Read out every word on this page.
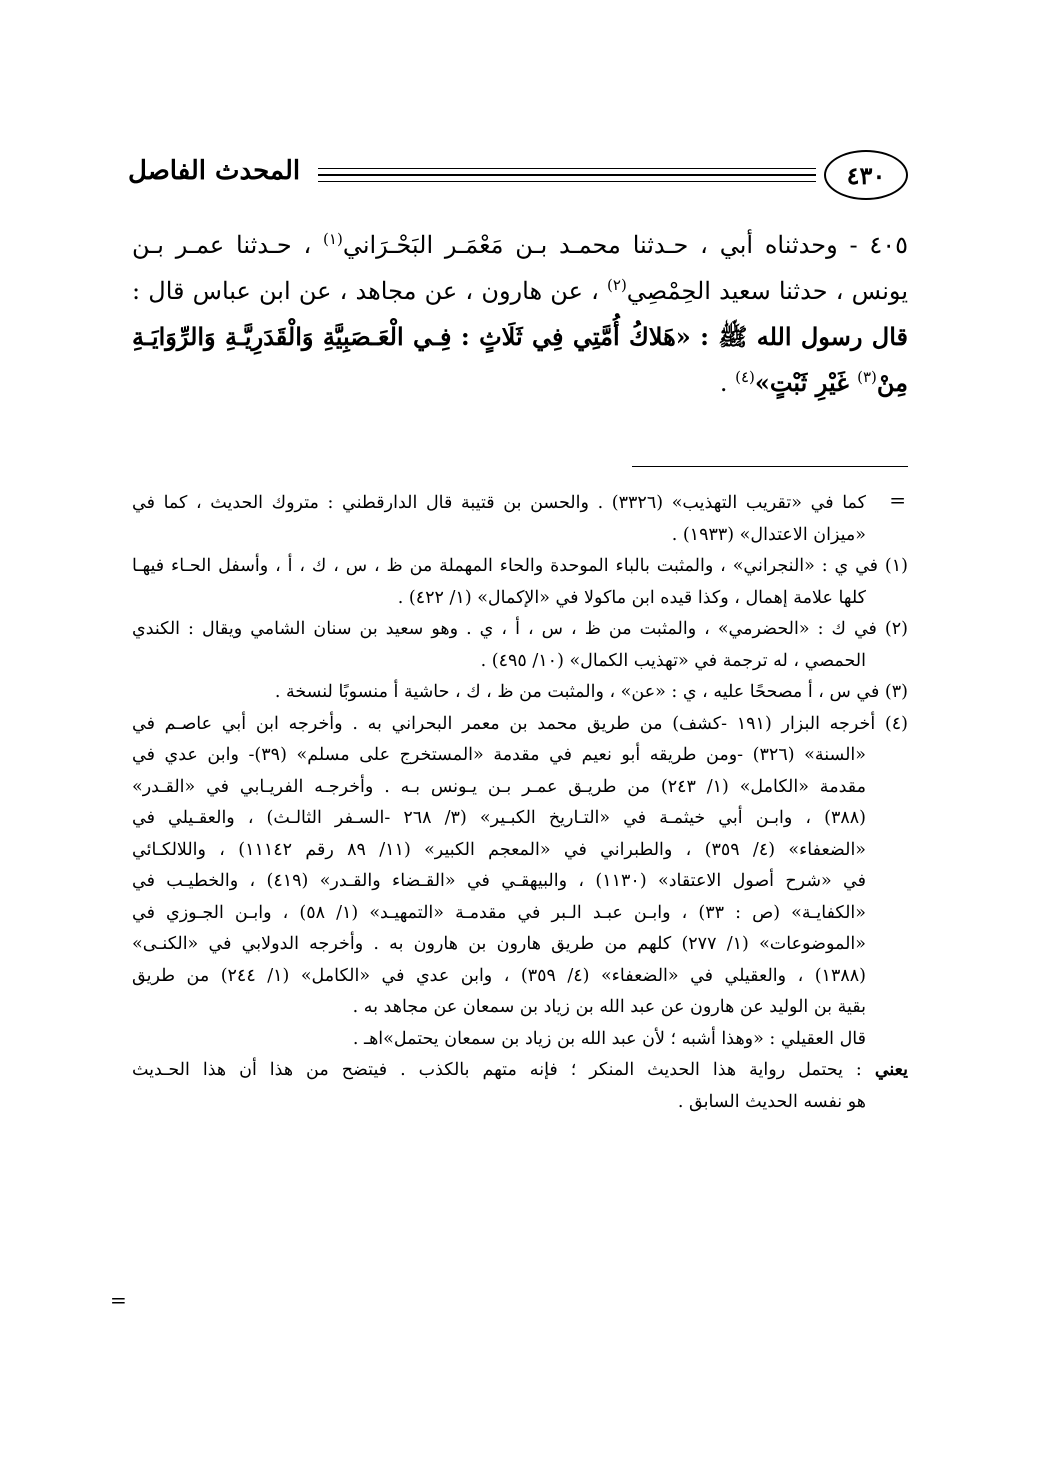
٤٣٠
المحدث الفاصل
٤٠٥ - وحدثناه أبي ، حـدثنا محمـد بـن مَعْمَـر البَحْـرَاني$^{(١)}$ ، حـدثنا عمـر بـن
يونس ، حدثنا سعيد الحِمْصِي$^{(٢)}$ ، عن هارون ، عن مجاهد ، عن ابن عباس قال :
قال رسول الله ﷺ : «هَلاكُ أُمَّتِي فِي ثَلَاثٍ : فِـي الْعَـصَبِيَّةِ وَالْقَدَرِيَّـةِ وَالرِّوَايَـةِ
مِنْ$^{(٣)}$ غَيْرِ ثَبْتٍ»$^{(٤)}$ .
=
=
كما في «تقريب التهذيب» (٣٣٢٦) . والحسن بن قتيبة قال الدارقطني : متروك الحديث ، كما في
«ميزان الاعتدال» (١٩٣٣) .
(١) في ي : «النجراني» ، والمثبت بالباء الموحدة والحاء المهملة من ظ ، س ، ك ، أ ، وأسفل الحـاء فيهـا
كلها علامة إهمال ، وكذا قيده ابن ماكولا في «الإكمال» (١/ ٤٢٢) .
(٢) في ك : «الحضرمي» ، والمثبت من ظ ، س ، أ ، ي . وهو سعيد بن سنان الشامي ويقال : الكندي
الحمصي ، له ترجمة في «تهذيب الكمال» (١٠/ ٤٩٥) .
(٣) في س ، أ مصححًا عليه ، ي : «عن» ، والمثبت من ظ ، ك ، حاشية أ منسوبًا لنسخة .
(٤) أخرجه البزار (١٩١ -كشف) من طريق محمد بن معمر البحراني به . وأخرجه ابن أبي عاصـم في
«السنة» (٣٢٦) -ومن طريقه أبو نعيم في مقدمة «المستخرج على مسلم» (٣٩)- وابن عدي في
مقدمة «الكامل» (١/ ٢٤٣) من طريـق عمـر بـن يـونس بـه . وأخرجـه الفريـابي في «القـدر»
(٣٨٨) ، وابـن أبي خيثمـة في «التـاريخ الكبـير» (٣/ ٢٦٨ -السـفر الثالـث) ، والعقـيلي في
«الضعفاء» (٤/ ٣٥٩) ، والطبراني في «المعجم الكبير» (١١/ ٨٩ رقم ١١١٤٢) ، واللالكـائي
في «شرح أصول الاعتقاد» (١١٣٠) ، والبيهقـي في «القـضاء والقـدر» (٤١٩) ، والخطيـب في
«الكفايـة» (ص : ٣٣) ، وابـن عبـد الـبر في مقدمـة «التمهيـد» (١/ ٥٨) ، وابـن الجـوزي في
«الموضوعات» (١/ ٢٧٧) كلهم من طريق هارون بن هارون به . وأخرجه الدولابي في «الكنـى»
(١٣٨٨) ، والعقيلي في «الضعفاء» (٤/ ٣٥٩) ، وابن عدي في «الكامل» (١/ ٢٤٤) من طريق
بقية بن الوليد عن هارون عن عبد الله بن زياد بن سمعان عن مجاهد به .
قال العقيلي : «وهذا أشبه ؛ لأن عبد الله بن زياد بن سمعان يحتمل»اهـ .
يعني : يحتمل رواية هذا الحديث المنكر ؛ فإنه متهم بالكذب . فيتضح من هذا أن هذا الحـديث
هو نفسه الحديث السابق .
